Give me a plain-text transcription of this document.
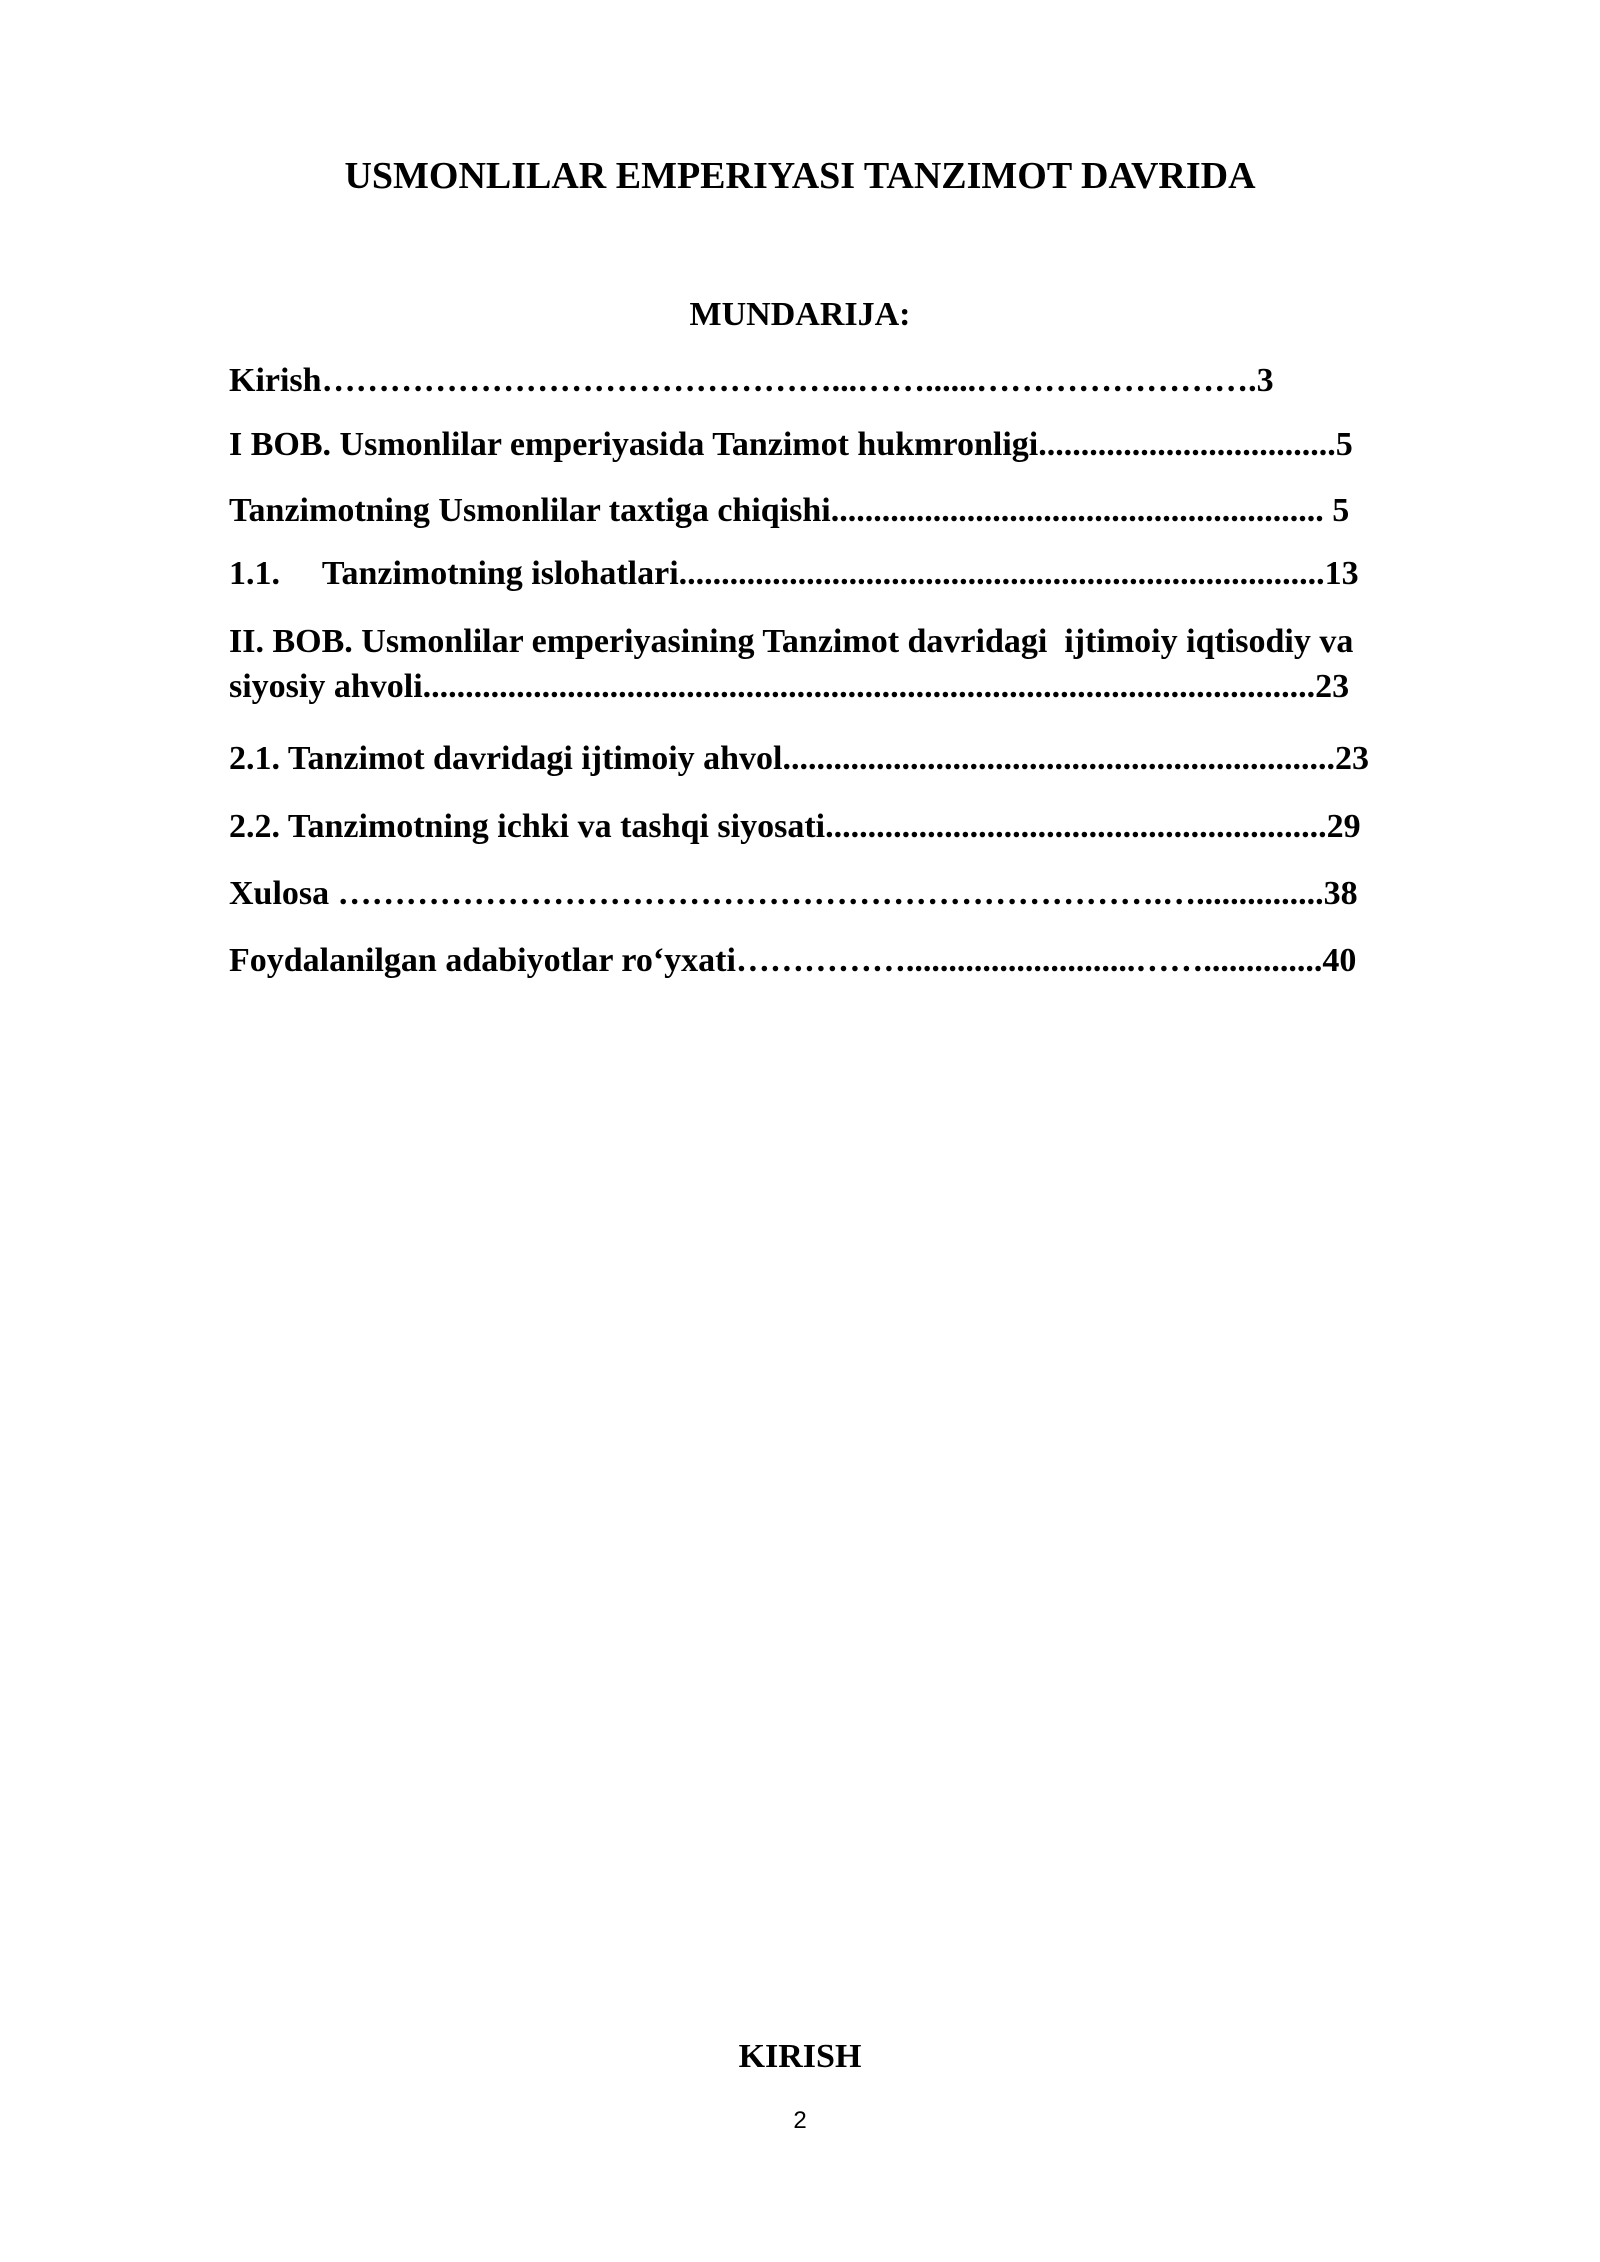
USMONLILAR EMPERIYASI TANZIMOT DAVRIDA
MUNDARIJA:
Kirish………………………………………...……......…………………….3
I BOB. Usmonlilar emperiyasida Tanzimot hukmronligi...................................5
Tanzimotning Usmonlilar taxtiga chiqishi.......................................................... 5
1.1.     Tanzimotning islohatlari............................................................................13
II. BOB. Usmonlilar emperiyasining Tanzimot davridagi  ijtimoiy iqtisodiy va
siyosiy ahvoli.........................................................................................................23
2.1. Tanzimot davridagi ijtimoiy ahvol.................................................................23
2.2. Tanzimotning ichki va tashqi siyosati...........................................................29
Xulosa ……………………………………………………………….…...............38
Foydalanilgan adabiyotlar ro‘yxati……………...........................……..............40
KIRISH
2
